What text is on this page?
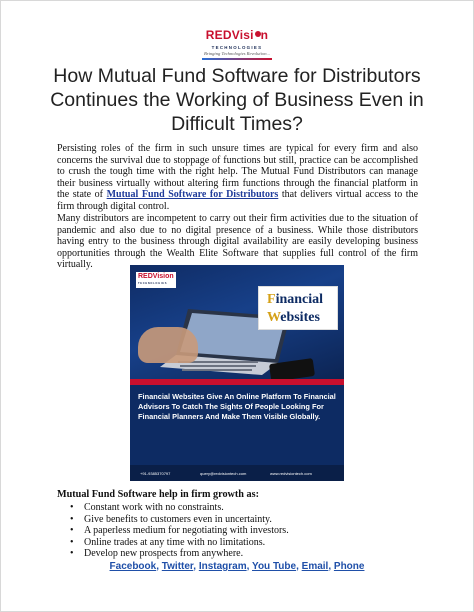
REDVisi n
TECHNOLOGIES
Bringing Technologies Revolution...
How Mutual Fund Software for Distributors Continues the Working of Business Even in Difficult Times?

Persisting roles of the firm in such unsure times are typical for every firm and also concerns the survival due to stoppage of functions but still, practice can be accomplished to crush the tough time with the right help. The Mutual Fund Distributors can manage their business virtually without altering firm functions through the financial platform in the state of Mutual Fund Software for Distributors that delivers virtual access to the firm through digital control.

Many distributors are incompetent to carry out their firm activities due to the situation of pandemic and also due to no digital presence of a business. While those distributors having entry to the business through digital availability are easily developing business opportunities through the Wealth Elite Software that supplies full control of the firm virtually.

REDVision
TECHNOLOGIES
Financial
Websites
Financial Websites Give An Online Platform To Financial Advisors To Catch The Sights Of People Looking For Financial Planners And Make Them Visible Globally.
+91-9385370797	query@redvisiontech.com	www.redvisiontech.com
Mutual Fund Software help in firm growth as:
• Constant work with no constraints.
• Give benefits to customers even in uncertainty.
• A paperless medium for negotiating with investors.
• Online trades at any time with no limitations.
• Develop new prospects from anywhere.
Facebook, Twitter, Instagram, You Tube, Email, Phone
